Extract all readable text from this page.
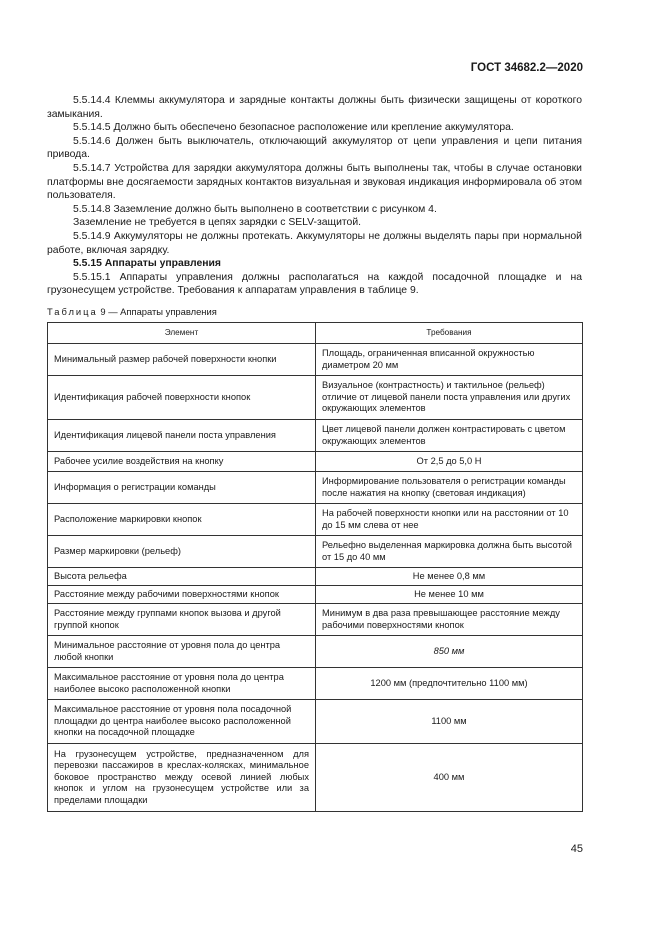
ГОСТ 34682.2—2020

5.5.14.4 Клеммы аккумулятора и зарядные контакты должны быть физически защищены от короткого замыкания.

5.5.14.5 Должно быть обеспечено безопасное расположение или крепление аккумулятора.

5.5.14.6 Должен быть выключатель, отключающий аккумулятор от цепи управления и цепи питания привода.

5.5.14.7 Устройства для зарядки аккумулятора должны быть выполнены так, чтобы в случае остановки платформы вне досягаемости зарядных контактов визуальная и звуковая индикация информировала об этом пользователя.

5.5.14.8 Заземление должно быть выполнено в соответствии с рисунком 4.

Заземление не требуется в цепях зарядки с SELV-защитой.

5.5.14.9 Аккумуляторы не должны протекать. Аккумуляторы не должны выделять пары при нормальной работе, включая зарядку.

5.5.15 Аппараты управления

5.5.15.1 Аппараты управления должны располагаться на каждой посадочной площадке и на грузонесущем устройстве. Требования к аппаратам управления в таблице 9.

Таблица 9 — Аппараты управления
Элемент	Требования
Минимальный размер рабочей поверхности кнопки	Площадь, ограниченная вписанной окружностью диаметром 20 мм
Идентификация рабочей поверхности кнопок	Визуальное (контрастность) и тактильное (рельеф) отличие от лицевой панели поста управления или других окружающих элементов
Идентификация лицевой панели поста управления	Цвет лицевой панели должен контрастировать с цветом окружающих элементов
Рабочее усилие воздействия на кнопку	От 2,5 до 5,0 Н
Информация о регистрации команды	Информирование пользователя о регистрации команды после нажатия на кнопку (световая индикация)
Расположение маркировки кнопок	На рабочей поверхности кнопки или на расстоянии от 10 до 15 мм слева от нее
Размер маркировки (рельеф)	Рельефно выделенная маркировка должна быть высотой от 15 до 40 мм
Высота рельефа	Не менее 0,8 мм
Расстояние между рабочими поверхностями кнопок	Не менее 10 мм
Расстояние между группами кнопок вызова и другой группой кнопок	Минимум в два раза превышающее расстояние между рабочими поверхностями кнопок
Минимальное расстояние от уровня пола до центра любой кнопки	850 мм
Максимальное расстояние от уровня пола до центра наиболее высоко расположенной кнопки	1200 мм (предпочтительно 1100 мм)
Максимальное расстояние от уровня пола посадочной площадки до центра наиболее высоко расположенной кнопки на посадочной площадке	1100 мм
На грузонесущем устройстве, предназначенном для перевозки пассажиров в креслах-колясках, минимальное боковое пространство между осевой линией любых кнопок и углом на грузонесущем устройстве или за пределами площадки	400 мм
45
